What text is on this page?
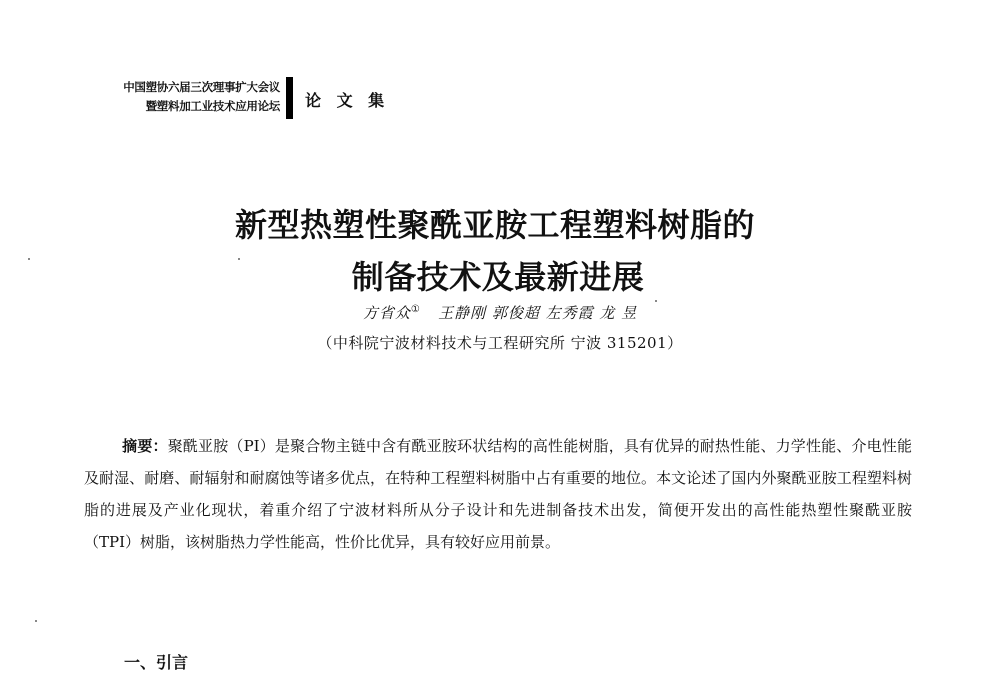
中国塑协六届三次理事扩大会议
暨塑料加工业技术应用论坛 论 文 集
新型热塑性聚酰亚胺工程塑料树脂的
制备技术及最新进展
方省众① 王静刚 郭俊超 左秀霞 龙 昱
（中科院宁波材料技术与工程研究所 宁波 315201）
摘要：聚酰亚胺（PI）是聚合物主链中含有酰亚胺环状结构的高性能树脂，具有优异的耐热性能、力学性能、介电性能及耐湿、耐磨、耐辐射和耐腐蚀等诸多优点，在特种工程塑料树脂中占有重要的地位。本文论述了国内外聚酰亚胺工程塑料树脂的进展及产业化现状，着重介绍了宁波材料所从分子设计和先进制备技术出发，简便开发出的高性能热塑性聚酰亚胺（TPI）树脂，该树脂热力学性能高，性价比优异，具有较好应用前景。
一、引言
